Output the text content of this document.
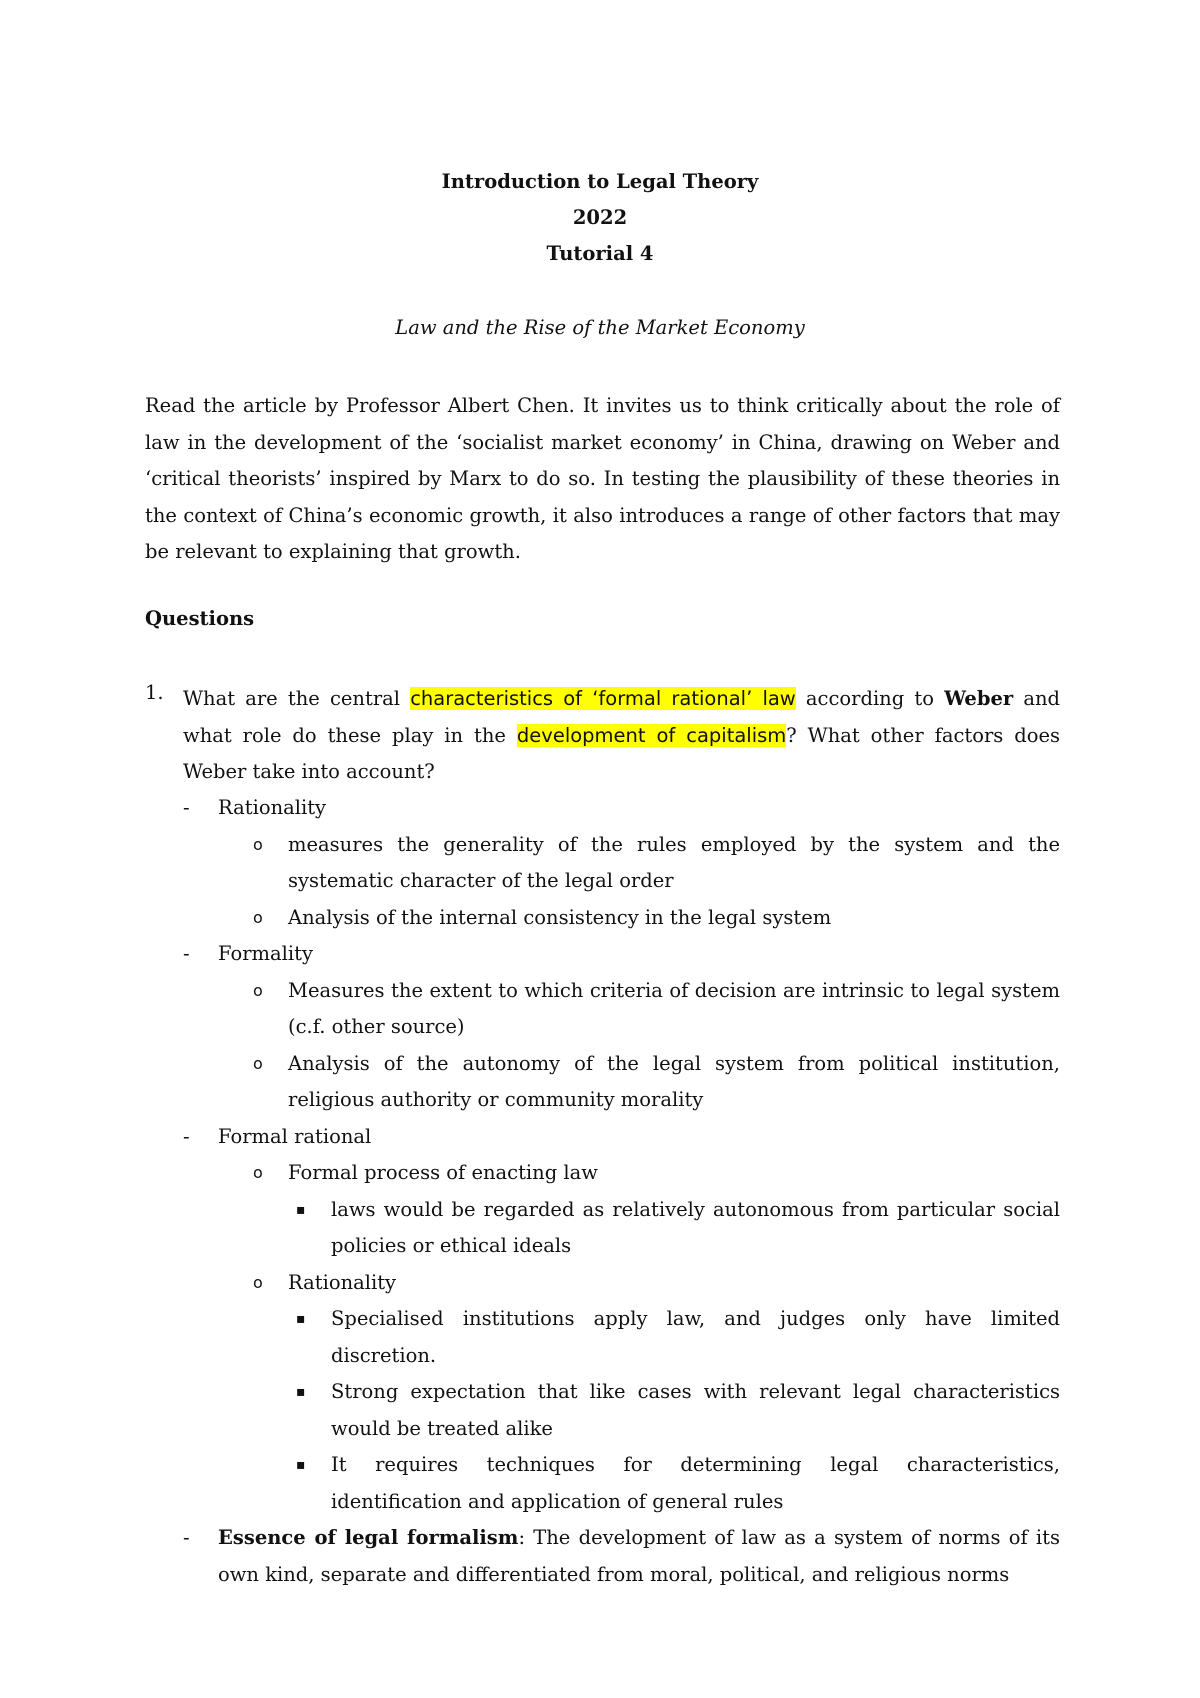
Introduction to Legal Theory
2022
Tutorial 4
Law and the Rise of the Market Economy

Read the article by Professor Albert Chen. It invites us to think critically about the role of law in the development of the ‘socialist market economy’ in China, drawing on Weber and ‘critical theorists’ inspired by Marx to do so. In testing the plausibility of these theories in the context of China’s economic growth, it also introduces a range of other factors that may be relevant to explaining that growth.

Questions
1. What are the central characteristics of ‘formal rational’ law according to Weber and what role do these play in the development of capitalism? What other factors does Weber take into account?
- Rationality
o measures the generality of the rules employed by the system and the systematic character of the legal order
o Analysis of the internal consistency in the legal system
- Formality
o Measures the extent to which criteria of decision are intrinsic to legal system (c.f. other source)
o Analysis of the autonomy of the legal system from political institution, religious authority or community morality
- Formal rational
o Formal process of enacting law
▪ laws would be regarded as relatively autonomous from particular social policies or ethical ideals
o Rationality
▪ Specialised institutions apply law, and judges only have limited discretion.
▪ Strong expectation that like cases with relevant legal characteristics would be treated alike
▪ It requires techniques for determining legal characteristics, identification and application of general rules
- Essence of legal formalism: The development of law as a system of norms of its own kind, separate and differentiated from moral, political, and religious norms
